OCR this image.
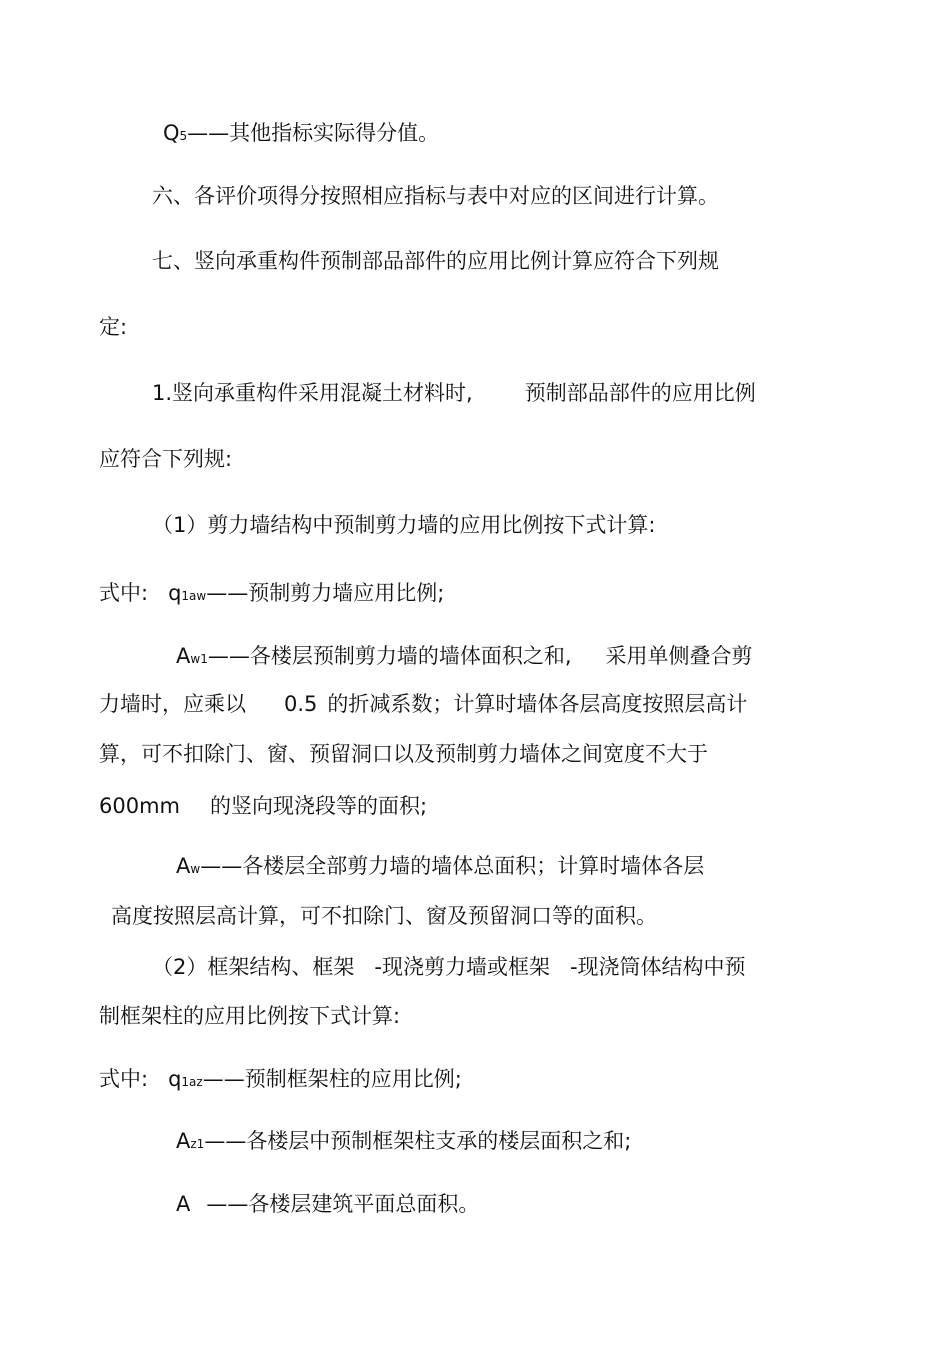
Q5——其他指标实际得分值。
六、各评价项得分按照相应指标与表中对应的区间进行计算。
七、竖向承重构件预制部品部件的应用比例计算应符合下列规
定:
1.竖向承重构件采用混凝土材料时, 预制部品部件的应用比例
应符合下列规:
（1）剪力墙结构中预制剪力墙的应用比例按下式计算:
式中: q1aw——预制剪力墙应用比例;
Aw1——各楼层预制剪力墙的墙体面积之和, 采用单侧叠合剪
力墙时，应乘以 0.5 的折减系数；计算时墙体各层高度按照层高计
算，可不扣除门、窗、预留洞口以及预制剪力墙体之间宽度不大于
600mm 的竖向现浇段等的面积;
Aw——各楼层全部剪力墙的墙体总面积；计算时墙体各层
高度按照层高计算，可不扣除门、窗及预留洞口等的面积。
（2）框架结构、框架 -现浇剪力墙或框架 -现浇筒体结构中预
制框架柱的应用比例按下式计算:
式中: q1az——预制框架柱的应用比例;
Az1——各楼层中预制框架柱支承的楼层面积之和;
A ——各楼层建筑平面总面积。
